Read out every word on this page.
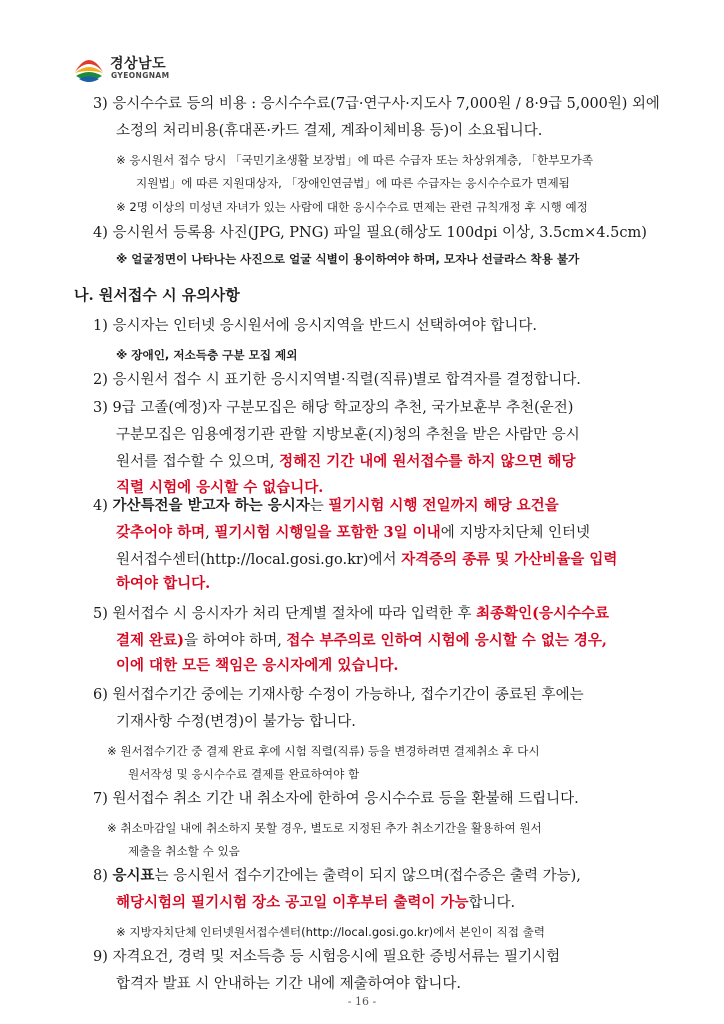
경상남도
GYEONGNAM
3) 응시수수료 등의 비용 : 응시수수료(7급·연구사·지도사 7,000원 / 8·9급 5,000원) 외에
소정의 처리비용(휴대폰·카드 결제, 계좌이체비용 등)이 소요됩니다.
※ 응시원서 접수 당시 「국민기초생활 보장법」에 따른 수급자 또는 차상위계층, 「한부모가족
지원법」에 따른 지원대상자, 「장애인연금법」에 따른 수급자는 응시수수료가 면제됨
※ 2명 이상의 미성년 자녀가 있는 사람에 대한 응시수수료 면제는 관련 규칙개정 후 시행 예정
4) 응시원서 등록용 사진(JPG, PNG) 파일 필요(해상도 100dpi 이상, 3.5cm×4.5cm)
※ 얼굴정면이 나타나는 사진으로 얼굴 식별이 용이하여야 하며, 모자나 선글라스 착용 불가
나. 원서접수 시 유의사항
1) 응시자는 인터넷 응시원서에 응시지역을 반드시 선택하여야 합니다.
※ 장애인, 저소득층 구분 모집 제외
2) 응시원서 접수 시 표기한 응시지역별·직렬(직류)별로 합격자를 결정합니다.
3) 9급 고졸(예정)자 구분모집은 해당 학교장의 추천, 국가보훈부 추천(운전)
구분모집은 임용예정기관 관할 지방보훈(지)청의 추천을 받은 사람만 응시
원서를 접수할 수 있으며, 정해진 기간 내에 원서접수를 하지 않으면 해당
직렬 시험에 응시할 수 없습니다.
4) 가산특전을 받고자 하는 응시자는 필기시험 시행 전일까지 해당 요건을
갖추어야 하며, 필기시험 시행일을 포함한 3일 이내에 지방자치단체 인터넷
원서접수센터(http://local.gosi.go.kr)에서 자격증의 종류 및 가산비율을 입력
하여야 합니다.
5) 원서접수 시 응시자가 처리 단계별 절차에 따라 입력한 후 최종확인(응시수수료
결제 완료)을 하여야 하며, 접수 부주의로 인하여 시험에 응시할 수 없는 경우,
이에 대한 모든 책임은 응시자에게 있습니다.
6) 원서접수기간 중에는 기재사항 수정이 가능하나, 접수기간이 종료된 후에는
기재사항 수정(변경)이 불가능 합니다.
※ 원서접수기간 중 결제 완료 후에 시험 직렬(직류) 등을 변경하려면 결제취소 후 다시
원서작성 및 응시수수료 결제를 완료하여야 함
7) 원서접수 취소 기간 내 취소자에 한하여 응시수수료 등을 환불해 드립니다.
※ 취소마감일 내에 취소하지 못할 경우, 별도로 지정된 추가 취소기간을 활용하여 원서
제출을 취소할 수 있음
8) 응시표는 응시원서 접수기간에는 출력이 되지 않으며(접수증은 출력 가능),
해당시험의 필기시험 장소 공고일 이후부터 출력이 가능합니다.
※ 지방자치단체 인터넷원서접수센터(http://local.gosi.go.kr)에서 본인이 직접 출력
9) 자격요건, 경력 및 저소득층 등 시험응시에 필요한 증빙서류는 필기시험
합격자 발표 시 안내하는 기간 내에 제출하여야 합니다.
- 16 -
